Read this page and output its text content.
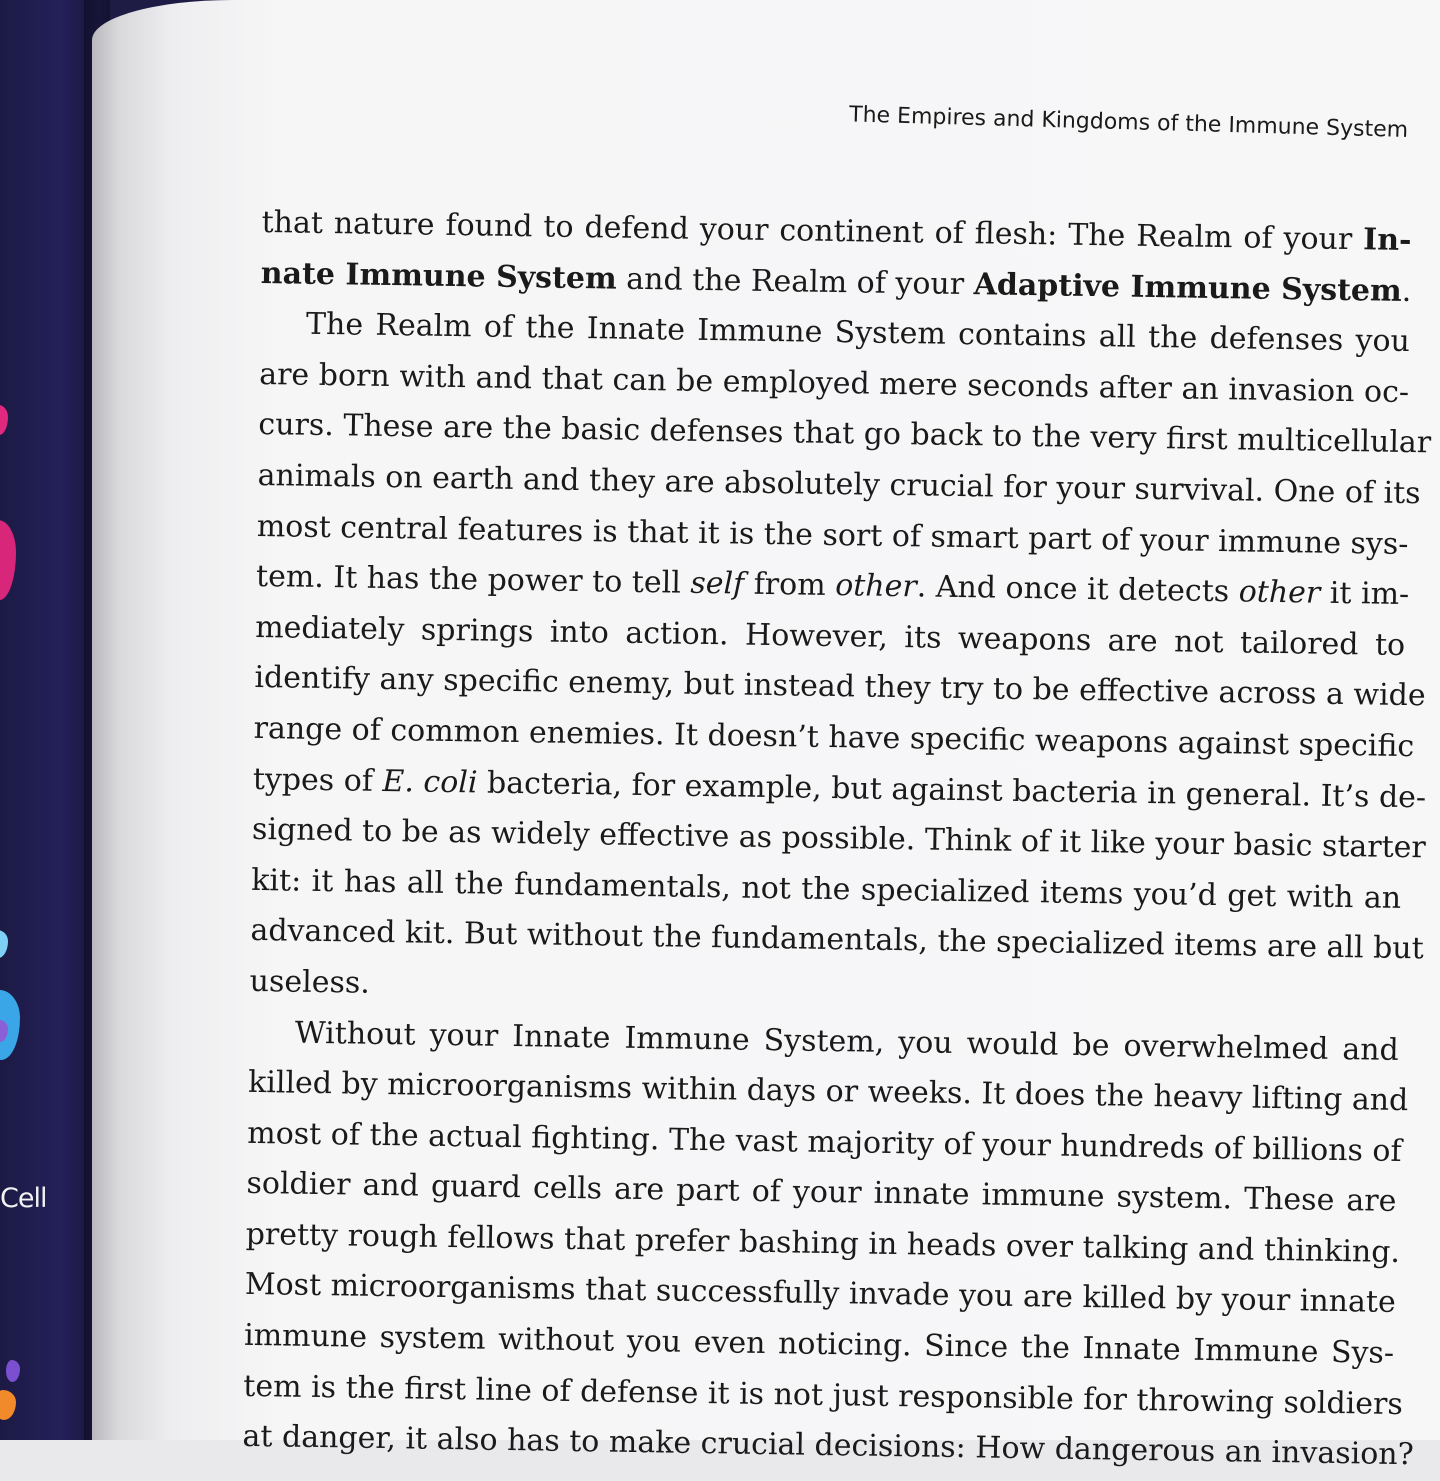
Cell
The Empires and Kingdoms of the Immune System
that nature found to defend your continent of flesh: The Realm of your In-
nate Immune System and the Realm of your Adaptive Immune System.
The Realm of the Innate Immune System contains all the defenses you
are born with and that can be employed mere seconds after an invasion oc-
curs. These are the basic defenses that go back to the very first multicellular
animals on earth and they are absolutely crucial for your survival. One of its
most central features is that it is the sort of smart part of your immune sys-
tem. It has the power to tell self from other. And once it detects other it im-
mediately springs into action. However, its weapons are not tailored to
identify any specific enemy, but instead they try to be effective across a wide
range of common enemies. It doesn’t have specific weapons against specific
types of E. coli bacteria, for example, but against bacteria in general. It’s de-
signed to be as widely effective as possible. Think of it like your basic starter
kit: it has all the fundamentals, not the specialized items you’d get with an
advanced kit. But without the fundamentals, the specialized items are all but
useless.
Without your Innate Immune System, you would be overwhelmed and
killed by microorganisms within days or weeks. It does the heavy lifting and
most of the actual fighting. The vast majority of your hundreds of billions of
soldier and guard cells are part of your innate immune system. These are
pretty rough fellows that prefer bashing in heads over talking and thinking.
Most microorganisms that successfully invade you are killed by your innate
immune system without you even noticing. Since the Innate Immune Sys-
tem is the first line of defense it is not just responsible for throwing soldiers
at danger, it also has to make crucial decisions: How dangerous an invasion?
